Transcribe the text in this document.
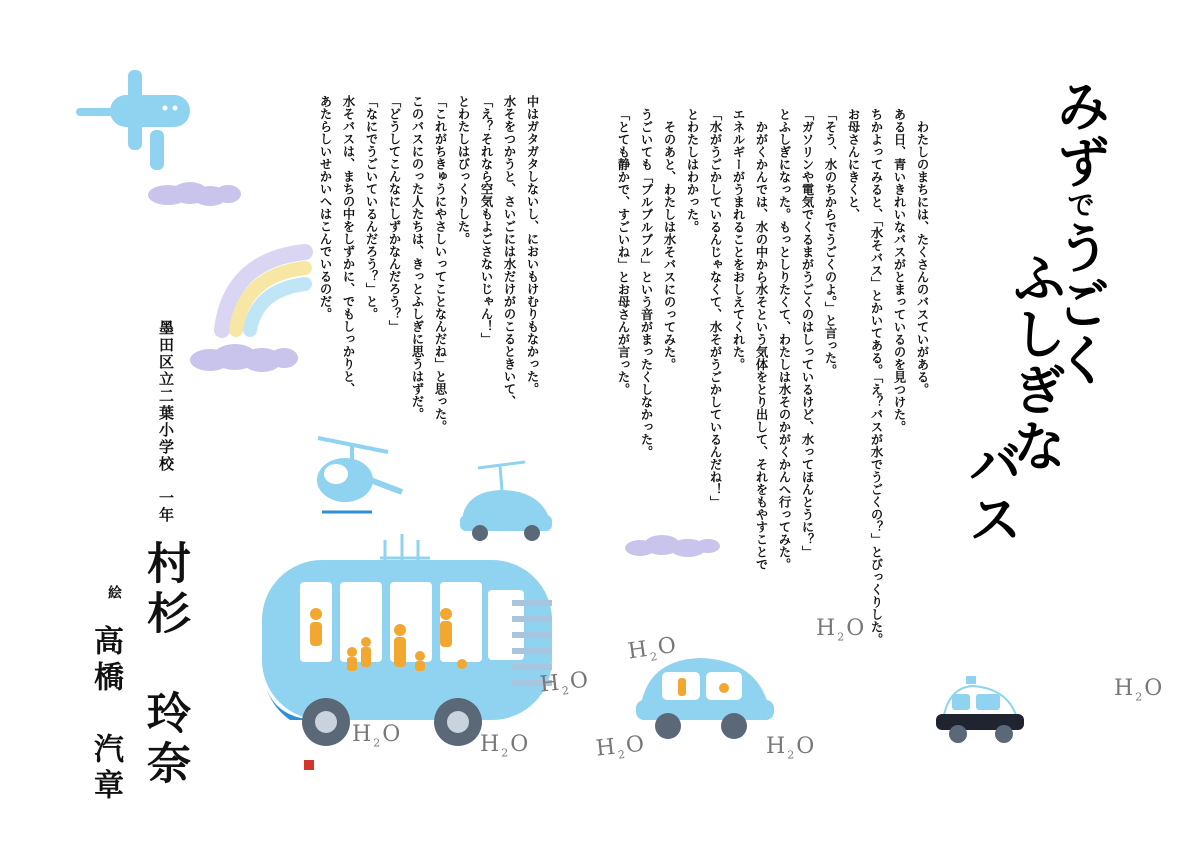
みずでうごく
ふしぎな
バス
　わたしのまちには、たくさんのバスていがある。
ある日、青いきれいなバスがとまっているのを見つけた。
ちかよってみると、「水そバス」とかいてある。「え？バスが水でうごくの？」とびっくりした。
お母さんにきくと、
「そう、水のちからでうごくのよ。」と言った。
「ガソリンや電気でくるまがうごくのはしっているけど、水ってほんとうに？」
とふしぎになった。もっとしりたくて、わたしは水そのかがくかんへ行ってみた。
　かがくかんでは、水の中から水そという気体をとり出して、それをもやすことで
エネルギーがうまれることをおしえてくれた。
「水がうごかしているんじゃなくて、水そがうごかしているんだね！」
とわたしはわかった。
　そのあと、わたしは水そバスにのってみた。
うごいても「ブルブルブル」という音がまったくしなかった。
「とても静かで、すごいね」とお母さんが言った。
中はガタガタしないし、においもけむりもなかった。
水そをつかうと、さいごには水だけがのこるときいて、
「え？それなら空気もよごさないじゃん！」
とわたしはびっくりした。
「これがちきゅうにやさしいってことなんだね」と思った。
このバスにのった人たちは、きっとふしぎに思うはずだ。
「どうしてこんなにしずかなんだろう？」
「なにでうごいているんだろう？」と。
水そバスは、まちの中をしずかに、でもしっかりと、
あたらしいせかいへはこんでいるのだ。
墨田区立二葉小学校　一年
村杉　玲奈
絵
高橋　汽章	$H_2O$
$H_2O$
$H_2O$	$H_2O$
$H_2O$	$H_2O$	$H_2O$	$H_2O$
